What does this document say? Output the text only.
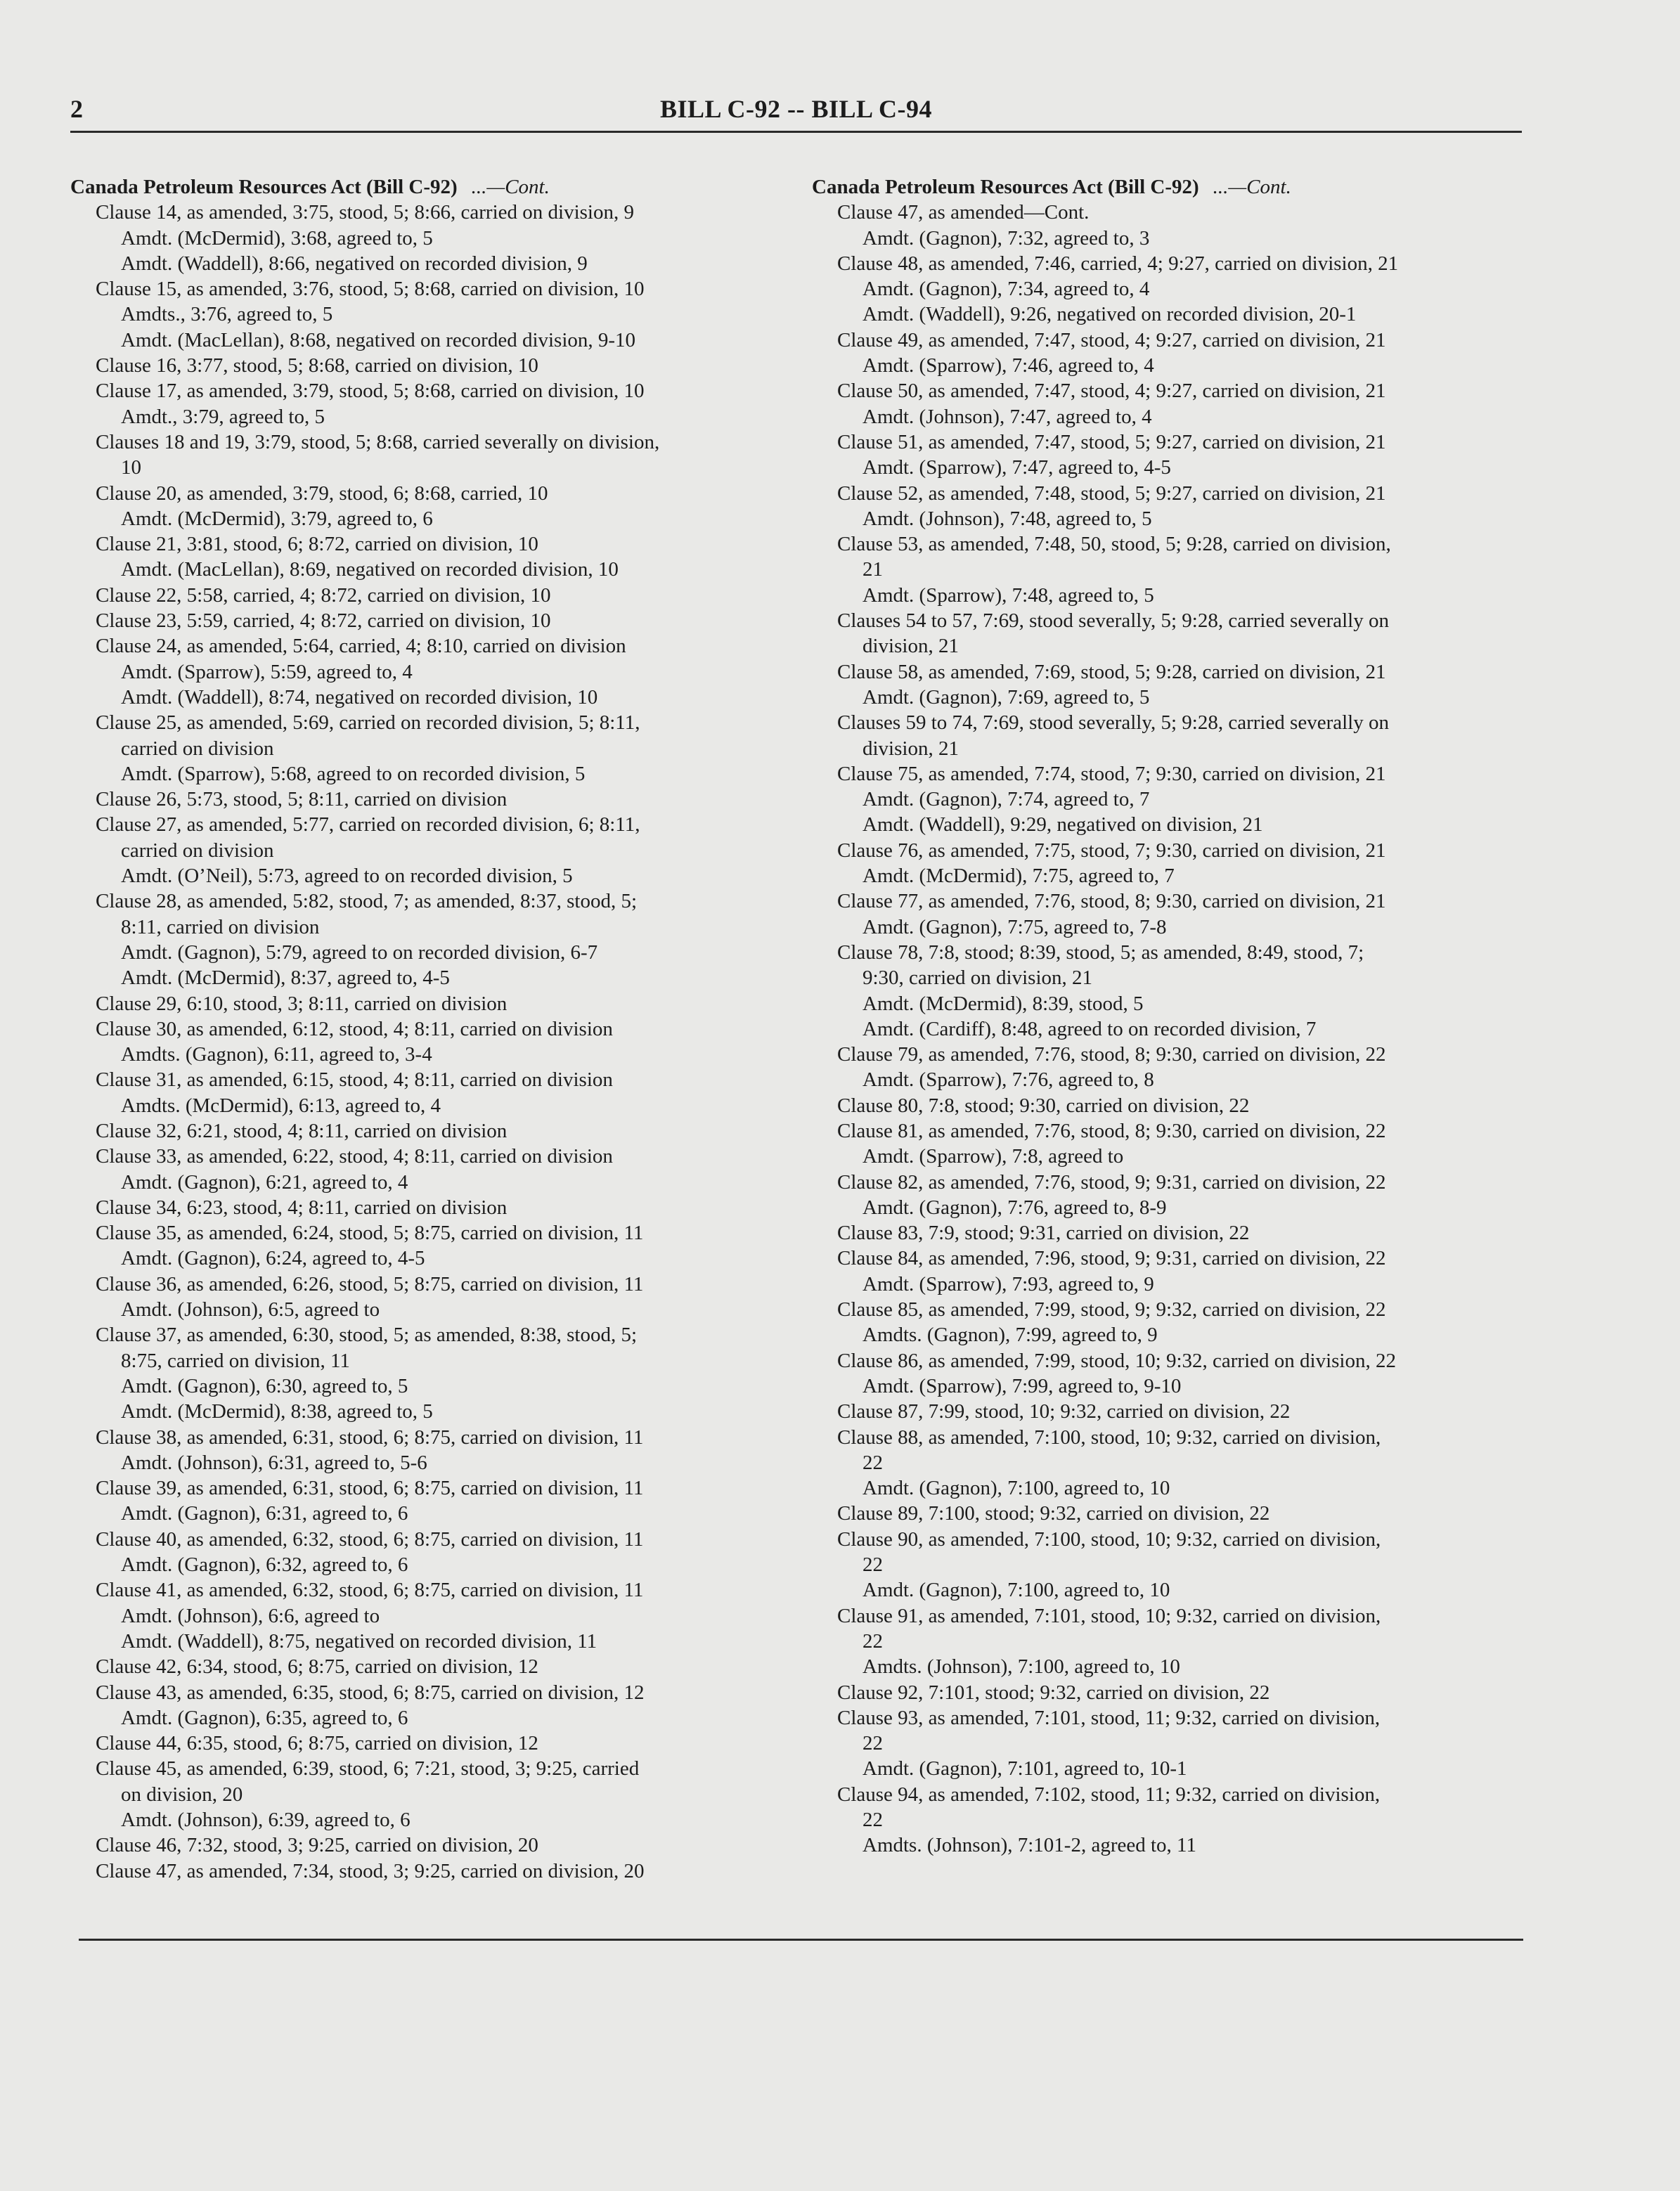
2	BILL C-92 -- BILL C-94
Canada Petroleum Resources Act (Bill C-92) ...—Cont.
Clause 14, as amended, 3:75, stood, 5; 8:66, carried on division, 9
Amdt. (McDermid), 3:68, agreed to, 5
Amdt. (Waddell), 8:66, negatived on recorded division, 9
Clause 15, as amended, 3:76, stood, 5; 8:68, carried on division, 10
Amdts., 3:76, agreed to, 5
Amdt. (MacLellan), 8:68, negatived on recorded division, 9-10
Clause 16, 3:77, stood, 5; 8:68, carried on division, 10
Clause 17, as amended, 3:79, stood, 5; 8:68, carried on division, 10
Amdt., 3:79, agreed to, 5
Clauses 18 and 19, 3:79, stood, 5; 8:68, carried severally on division,
10
Clause 20, as amended, 3:79, stood, 6; 8:68, carried, 10
Amdt. (McDermid), 3:79, agreed to, 6
Clause 21, 3:81, stood, 6; 8:72, carried on division, 10
Amdt. (MacLellan), 8:69, negatived on recorded division, 10
Clause 22, 5:58, carried, 4; 8:72, carried on division, 10
Clause 23, 5:59, carried, 4; 8:72, carried on division, 10
Clause 24, as amended, 5:64, carried, 4; 8:10, carried on division
Amdt. (Sparrow), 5:59, agreed to, 4
Amdt. (Waddell), 8:74, negatived on recorded division, 10
Clause 25, as amended, 5:69, carried on recorded division, 5; 8:11,
carried on division
Amdt. (Sparrow), 5:68, agreed to on recorded division, 5
Clause 26, 5:73, stood, 5; 8:11, carried on division
Clause 27, as amended, 5:77, carried on recorded division, 6; 8:11,
carried on division
Amdt. (O’Neil), 5:73, agreed to on recorded division, 5
Clause 28, as amended, 5:82, stood, 7; as amended, 8:37, stood, 5;
8:11, carried on division
Amdt. (Gagnon), 5:79, agreed to on recorded division, 6-7
Amdt. (McDermid), 8:37, agreed to, 4-5
Clause 29, 6:10, stood, 3; 8:11, carried on division
Clause 30, as amended, 6:12, stood, 4; 8:11, carried on division
Amdts. (Gagnon), 6:11, agreed to, 3-4
Clause 31, as amended, 6:15, stood, 4; 8:11, carried on division
Amdts. (McDermid), 6:13, agreed to, 4
Clause 32, 6:21, stood, 4; 8:11, carried on division
Clause 33, as amended, 6:22, stood, 4; 8:11, carried on division
Amdt. (Gagnon), 6:21, agreed to, 4
Clause 34, 6:23, stood, 4; 8:11, carried on division
Clause 35, as amended, 6:24, stood, 5; 8:75, carried on division, 11
Amdt. (Gagnon), 6:24, agreed to, 4-5
Clause 36, as amended, 6:26, stood, 5; 8:75, carried on division, 11
Amdt. (Johnson), 6:5, agreed to
Clause 37, as amended, 6:30, stood, 5; as amended, 8:38, stood, 5;
8:75, carried on division, 11
Amdt. (Gagnon), 6:30, agreed to, 5
Amdt. (McDermid), 8:38, agreed to, 5
Clause 38, as amended, 6:31, stood, 6; 8:75, carried on division, 11
Amdt. (Johnson), 6:31, agreed to, 5-6
Clause 39, as amended, 6:31, stood, 6; 8:75, carried on division, 11
Amdt. (Gagnon), 6:31, agreed to, 6
Clause 40, as amended, 6:32, stood, 6; 8:75, carried on division, 11
Amdt. (Gagnon), 6:32, agreed to, 6
Clause 41, as amended, 6:32, stood, 6; 8:75, carried on division, 11
Amdt. (Johnson), 6:6, agreed to
Amdt. (Waddell), 8:75, negatived on recorded division, 11
Clause 42, 6:34, stood, 6; 8:75, carried on division, 12
Clause 43, as amended, 6:35, stood, 6; 8:75, carried on division, 12
Amdt. (Gagnon), 6:35, agreed to, 6
Clause 44, 6:35, stood, 6; 8:75, carried on division, 12
Clause 45, as amended, 6:39, stood, 6; 7:21, stood, 3; 9:25, carried
on division, 20
Amdt. (Johnson), 6:39, agreed to, 6
Clause 46, 7:32, stood, 3; 9:25, carried on division, 20
Clause 47, as amended, 7:34, stood, 3; 9:25, carried on division, 20
Canada Petroleum Resources Act (Bill C-92) ...—Cont.
Clause 47, as amended—Cont.
Amdt. (Gagnon), 7:32, agreed to, 3
Clause 48, as amended, 7:46, carried, 4; 9:27, carried on division, 21
Amdt. (Gagnon), 7:34, agreed to, 4
Amdt. (Waddell), 9:26, negatived on recorded division, 20-1
Clause 49, as amended, 7:47, stood, 4; 9:27, carried on division, 21
Amdt. (Sparrow), 7:46, agreed to, 4
Clause 50, as amended, 7:47, stood, 4; 9:27, carried on division, 21
Amdt. (Johnson), 7:47, agreed to, 4
Clause 51, as amended, 7:47, stood, 5; 9:27, carried on division, 21
Amdt. (Sparrow), 7:47, agreed to, 4-5
Clause 52, as amended, 7:48, stood, 5; 9:27, carried on division, 21
Amdt. (Johnson), 7:48, agreed to, 5
Clause 53, as amended, 7:48, 50, stood, 5; 9:28, carried on division,
21
Amdt. (Sparrow), 7:48, agreed to, 5
Clauses 54 to 57, 7:69, stood severally, 5; 9:28, carried severally on
division, 21
Clause 58, as amended, 7:69, stood, 5; 9:28, carried on division, 21
Amdt. (Gagnon), 7:69, agreed to, 5
Clauses 59 to 74, 7:69, stood severally, 5; 9:28, carried severally on
division, 21
Clause 75, as amended, 7:74, stood, 7; 9:30, carried on division, 21
Amdt. (Gagnon), 7:74, agreed to, 7
Amdt. (Waddell), 9:29, negatived on division, 21
Clause 76, as amended, 7:75, stood, 7; 9:30, carried on division, 21
Amdt. (McDermid), 7:75, agreed to, 7
Clause 77, as amended, 7:76, stood, 8; 9:30, carried on division, 21
Amdt. (Gagnon), 7:75, agreed to, 7-8
Clause 78, 7:8, stood; 8:39, stood, 5; as amended, 8:49, stood, 7;
9:30, carried on division, 21
Amdt. (McDermid), 8:39, stood, 5
Amdt. (Cardiff), 8:48, agreed to on recorded division, 7
Clause 79, as amended, 7:76, stood, 8; 9:30, carried on division, 22
Amdt. (Sparrow), 7:76, agreed to, 8
Clause 80, 7:8, stood; 9:30, carried on division, 22
Clause 81, as amended, 7:76, stood, 8; 9:30, carried on division, 22
Amdt. (Sparrow), 7:8, agreed to
Clause 82, as amended, 7:76, stood, 9; 9:31, carried on division, 22
Amdt. (Gagnon), 7:76, agreed to, 8-9
Clause 83, 7:9, stood; 9:31, carried on division, 22
Clause 84, as amended, 7:96, stood, 9; 9:31, carried on division, 22
Amdt. (Sparrow), 7:93, agreed to, 9
Clause 85, as amended, 7:99, stood, 9; 9:32, carried on division, 22
Amdts. (Gagnon), 7:99, agreed to, 9
Clause 86, as amended, 7:99, stood, 10; 9:32, carried on division, 22
Amdt. (Sparrow), 7:99, agreed to, 9-10
Clause 87, 7:99, stood, 10; 9:32, carried on division, 22
Clause 88, as amended, 7:100, stood, 10; 9:32, carried on division,
22
Amdt. (Gagnon), 7:100, agreed to, 10
Clause 89, 7:100, stood; 9:32, carried on division, 22
Clause 90, as amended, 7:100, stood, 10; 9:32, carried on division,
22
Amdt. (Gagnon), 7:100, agreed to, 10
Clause 91, as amended, 7:101, stood, 10; 9:32, carried on division,
22
Amdts. (Johnson), 7:100, agreed to, 10
Clause 92, 7:101, stood; 9:32, carried on division, 22
Clause 93, as amended, 7:101, stood, 11; 9:32, carried on division,
22
Amdt. (Gagnon), 7:101, agreed to, 10-1
Clause 94, as amended, 7:102, stood, 11; 9:32, carried on division,
22
Amdts. (Johnson), 7:101-2, agreed to, 11
